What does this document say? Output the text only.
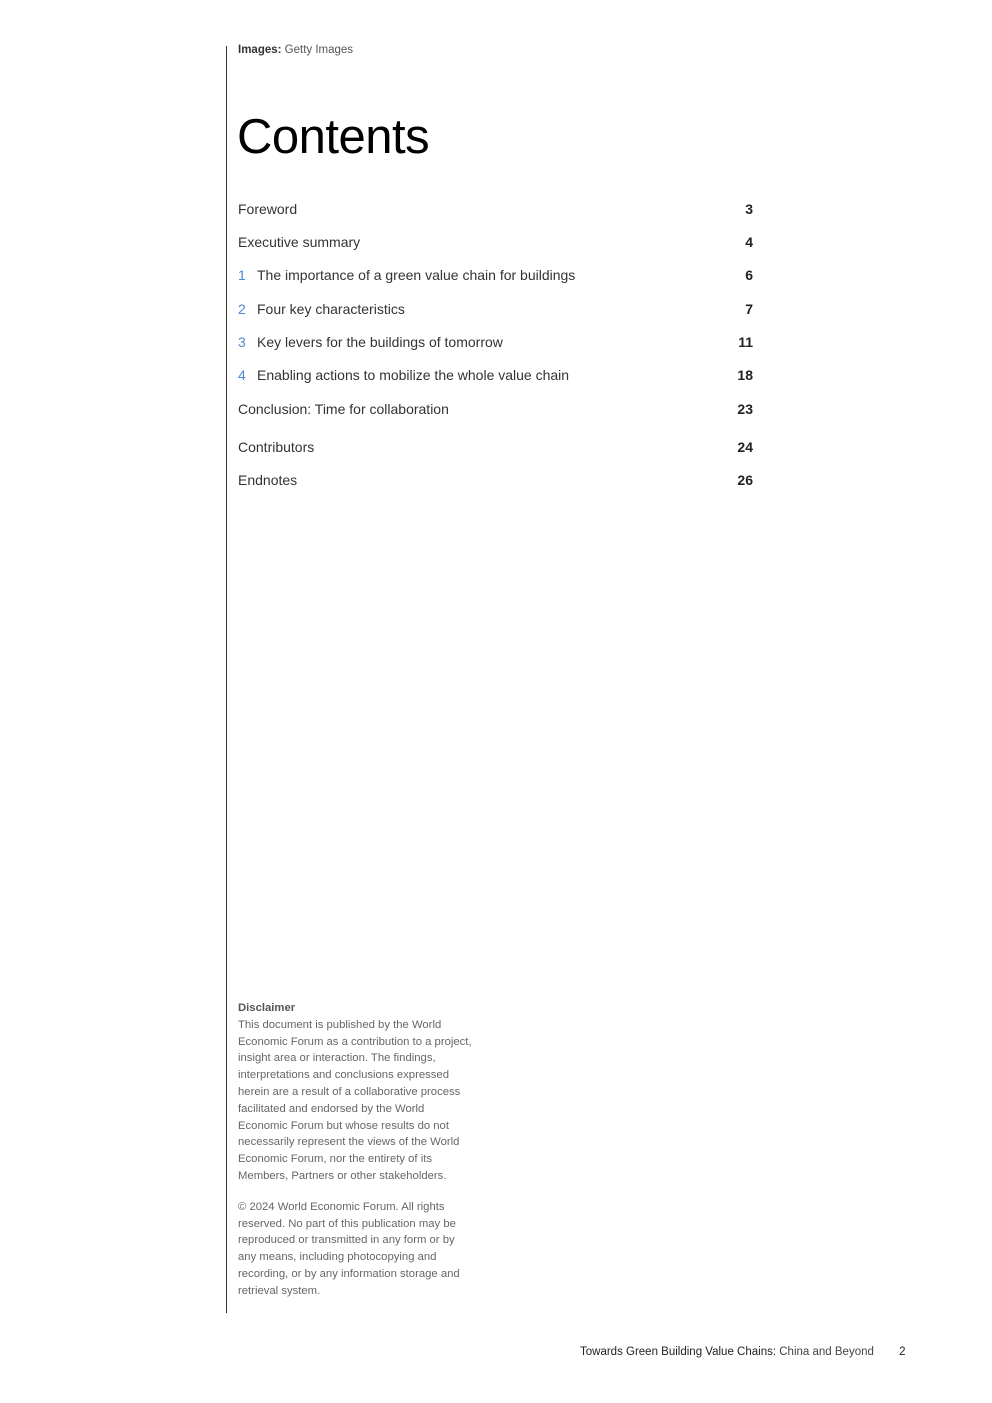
Images: Getty Images
Contents
Foreword	3
Executive summary	4
1 The importance of a green value chain for buildings	6
2 Four key characteristics	7
3 Key levers for the buildings of tomorrow	11
4 Enabling actions to mobilize the whole value chain	18
Conclusion: Time for collaboration	23
Contributors	24
Endnotes	26
Disclaimer

This document is published by the World Economic Forum as a contribution to a project, insight area or interaction. The findings, interpretations and conclusions expressed herein are a result of a collaborative process facilitated and endorsed by the World Economic Forum but whose results do not necessarily represent the views of the World Economic Forum, nor the entirety of its Members, Partners or other stakeholders.

© 2024 World Economic Forum. All rights reserved. No part of this publication may be reproduced or transmitted in any form or by any means, including photocopying and recording, or by any information storage and retrieval system.

Towards Green Building Value Chains: China and Beyond 2
